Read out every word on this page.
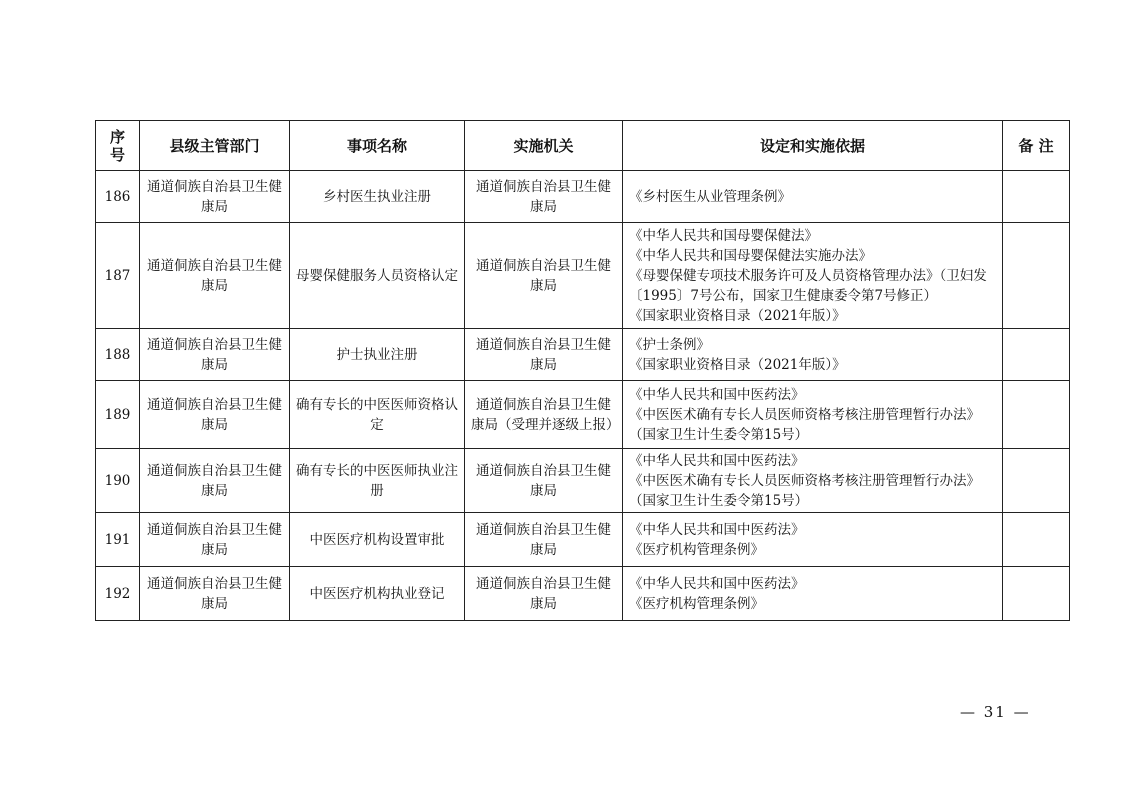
序号	县级主管部门	事项名称	实施机关	设定和实施依据	备 注
186	通道侗族自治县卫生健康局	乡村医生执业注册	通道侗族自治县卫生健康局	《乡村医生从业管理条例》	

187	通道侗族自治县卫生健康局	母婴保健服务人员资格认定	通道侗族自治县卫生健康局	《中华人民共和国母婴保健法》
《中华人民共和国母婴保健法实施办法》
《母婴保健专项技术服务许可及人员资格管理办法》（卫妇发〔1995〕7号公布，国家卫生健康委令第7号修正）
《国家职业资格目录（2021年版）》	

188	通道侗族自治县卫生健康局	护士执业注册	通道侗族自治县卫生健康局	《护士条例》
《国家职业资格目录（2021年版）》	

189	通道侗族自治县卫生健康局	确有专长的中医医师资格认定	通道侗族自治县卫生健康局（受理并逐级上报）	《中华人民共和国中医药法》
《中医医术确有专长人员医师资格考核注册管理暂行办法》（国家卫生计生委令第15号）	

190	通道侗族自治县卫生健康局	确有专长的中医医师执业注册	通道侗族自治县卫生健康局	《中华人民共和国中医药法》
《中医医术确有专长人员医师资格考核注册管理暂行办法》（国家卫生计生委令第15号）	

191	通道侗族自治县卫生健康局	中医医疗机构设置审批	通道侗族自治县卫生健康局	《中华人民共和国中医药法》
《医疗机构管理条例》	

192	通道侗族自治县卫生健康局	中医医疗机构执业登记	通道侗族自治县卫生健康局	《中华人民共和国中医药法》
《医疗机构管理条例》	

— 31 —
